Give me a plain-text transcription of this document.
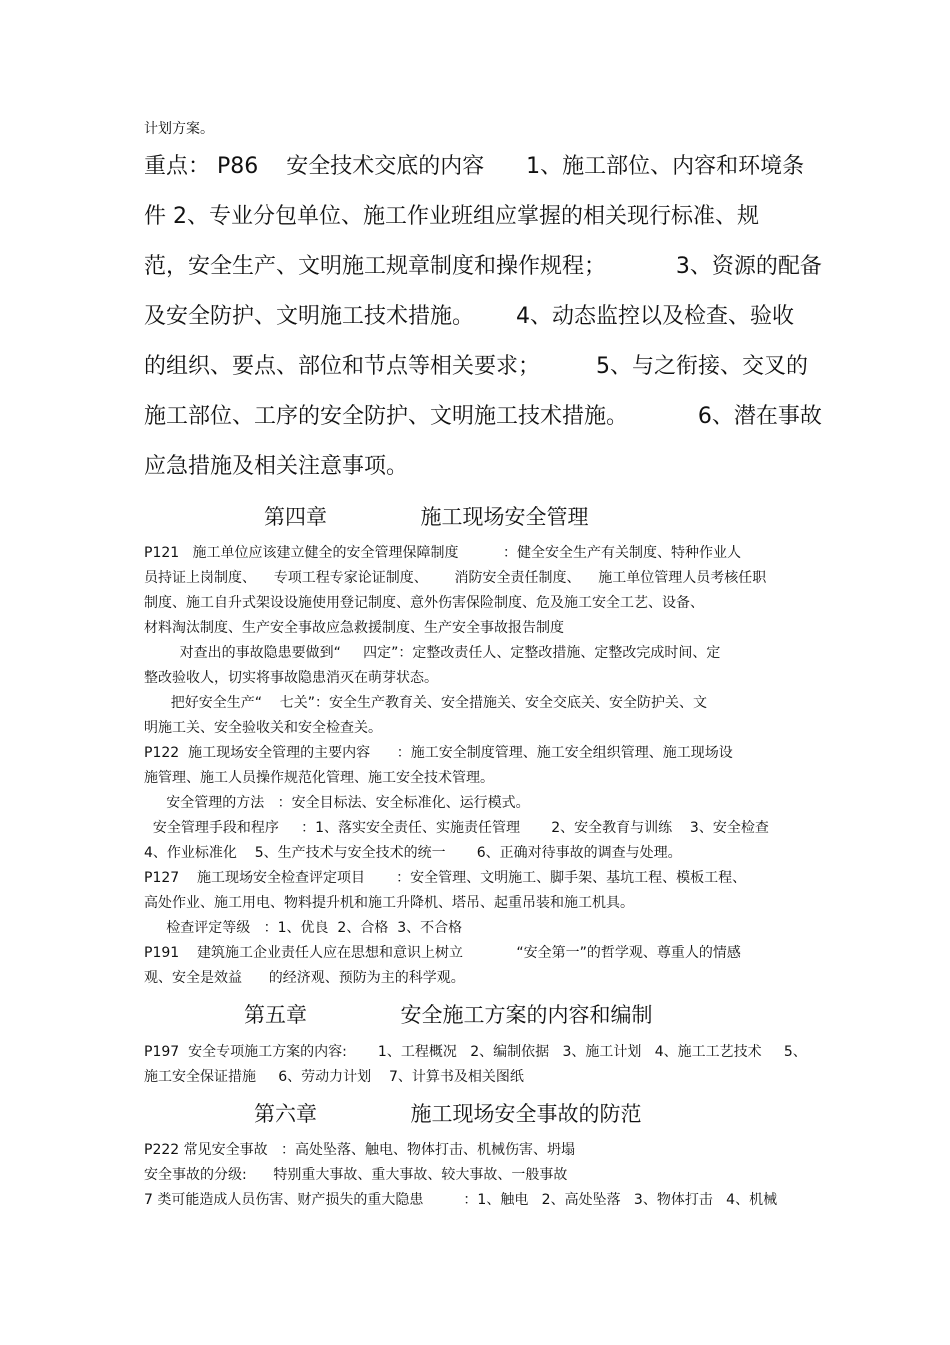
计划方案。
重点： P86    安全技术交底的内容      1、施工部位、内容和环境条
件 2、专业分包单位、施工作业班组应掌握的相关现行标准、规
范，安全生产、文明施工规章制度和操作规程；          3、资源的配备
及安全防护、文明施工技术措施。      4、动态监控以及检查、验收
的组织、要点、部位和节点等相关要求；        5、与之衔接、交叉的
施工部位、工序的安全防护、文明施工技术措施。          6、潜在事故
应急措施及相关注意事项。
第四章              施工现场安全管理
P121   施工单位应该建立健全的安全管理保障制度          ：健全安全生产有关制度、特种作业人
员持证上岗制度、    专项工程专家论证制度、      消防安全责任制度、    施工单位管理人员考核任职
制度、施工自升式架设设施使用登记制度、意外伤害保险制度、危及施工安全工艺、设备、
材料淘汰制度、生产安全事故应急救援制度、生产安全事故报告制度
对查出的事故隐患要做到“     四定”：定整改责任人、定整改措施、定整改完成时间、定
整改验收人，切实将事故隐患消灭在萌芽状态。
把好安全生产“    七关”：安全生产教育关、安全措施关、安全交底关、安全防护关、文
明施工关、安全验收关和安全检查关。
P122  施工现场安全管理的主要内容      ：施工安全制度管理、施工安全组织管理、施工现场设
施管理、施工人员操作规范化管理、施工安全技术管理。
安全管理的方法   ：安全目标法、安全标准化、运行模式。
安全管理手段和程序     ：1、落实安全责任、实施责任管理       2、安全教育与训练    3、安全检查
4、作业标准化    5、生产技术与安全技术的统一       6、正确对待事故的调查与处理。
P127    施工现场安全检查评定项目       ：安全管理、文明施工、脚手架、基坑工程、模板工程、
高处作业、施工用电、物料提升机和施工升降机、塔吊、起重吊装和施工机具。
检查评定等级   ：1、优良  2、合格  3、不合格
P191    建筑施工企业责任人应在思想和意识上树立            “安全第一”的哲学观、尊重人的情感
观、安全是效益      的经济观、预防为主的科学观。
第五章              安全施工方案的内容和编制
P197  安全专项施工方案的内容:       1、工程概况   2、编制依据   3、施工计划   4、施工工艺技术     5、
施工安全保证措施     6、劳动力计划    7、计算书及相关图纸
第六章              施工现场安全事故的防范
P222 常见安全事故   ：高处坠落、触电、物体打击、机械伤害、坍塌
安全事故的分级:      特别重大事故、重大事故、较大事故、一般事故
7 类可能造成人员伤害、财产损失的重大隐患         ：1、触电   2、高处坠落   3、物体打击   4、机械
